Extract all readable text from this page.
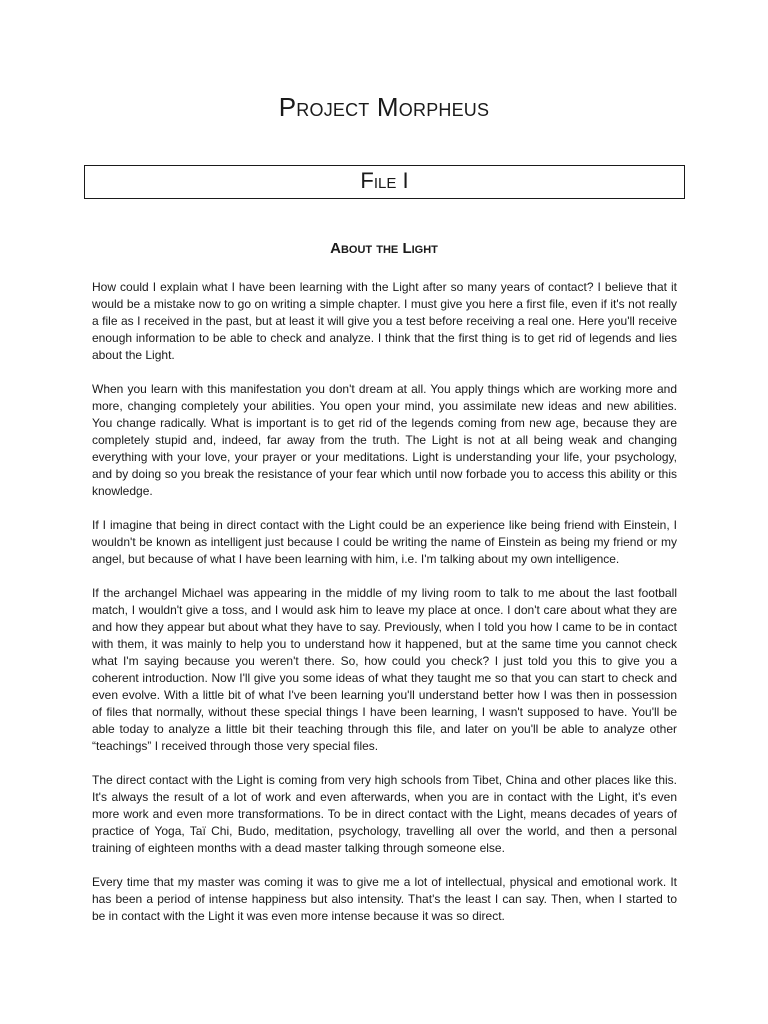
Project Morpheus
File I
About the Light

How could I explain what I have been learning with the Light after so many years of contact? I believe that it would be a mistake now to go on writing a simple chapter. I must give you here a first file, even if it's not really a file as I received in the past, but at least it will give you a test before receiving a real one. Here you'll receive enough information to be able to check and analyze. I think that the first thing is to get rid of legends and lies about the Light.

When you learn with this manifestation you don't dream at all. You apply things which are working more and more, changing completely your abilities. You open your mind, you assimilate new ideas and new abilities. You change radically. What is important is to get rid of the legends coming from new age, because they are completely stupid and, indeed, far away from the truth. The Light is not at all being weak and changing everything with your love, your prayer or your meditations. Light is understanding your life, your psychology, and by doing so you break the resistance of your fear which until now forbade you to access this ability or this knowledge.

If I imagine that being in direct contact with the Light could be an experience like being friend with Einstein, I wouldn't be known as intelligent just because I could be writing the name of Einstein as being my friend or my angel, but because of what I have been learning with him, i.e. I'm talking about my own intelligence.

If the archangel Michael was appearing in the middle of my living room to talk to me about the last football match, I wouldn't give a toss, and I would ask him to leave my place at once. I don't care about what they are and how they appear but about what they have to say. Previously, when I told you how I came to be in contact with them, it was mainly to help you to understand how it happened, but at the same time you cannot check what I'm saying because you weren't there. So, how could you check? I just told you this to give you a coherent introduction. Now I'll give you some ideas of what they taught me so that you can start to check and even evolve. With a little bit of what I've been learning you'll understand better how I was then in possession of files that normally, without these special things I have been learning, I wasn't supposed to have. You'll be able today to analyze a little bit their teaching through this file, and later on you'll be able to analyze other “teachings” I received through those very special files.

The direct contact with the Light is coming from very high schools from Tibet, China and other places like this. It's always the result of a lot of work and even afterwards, when you are in contact with the Light, it's even more work and even more transformations. To be in direct contact with the Light, means decades of years of practice of Yoga, Taï Chi, Budo, meditation, psychology, travelling all over the world, and then a personal training of eighteen months with a dead master talking through someone else.

Every time that my master was coming it was to give me a lot of intellectual, physical and emotional work. It has been a period of intense happiness but also intensity. That's the least I can say. Then, when I started to be in contact with the Light it was even more intense because it was so direct.
